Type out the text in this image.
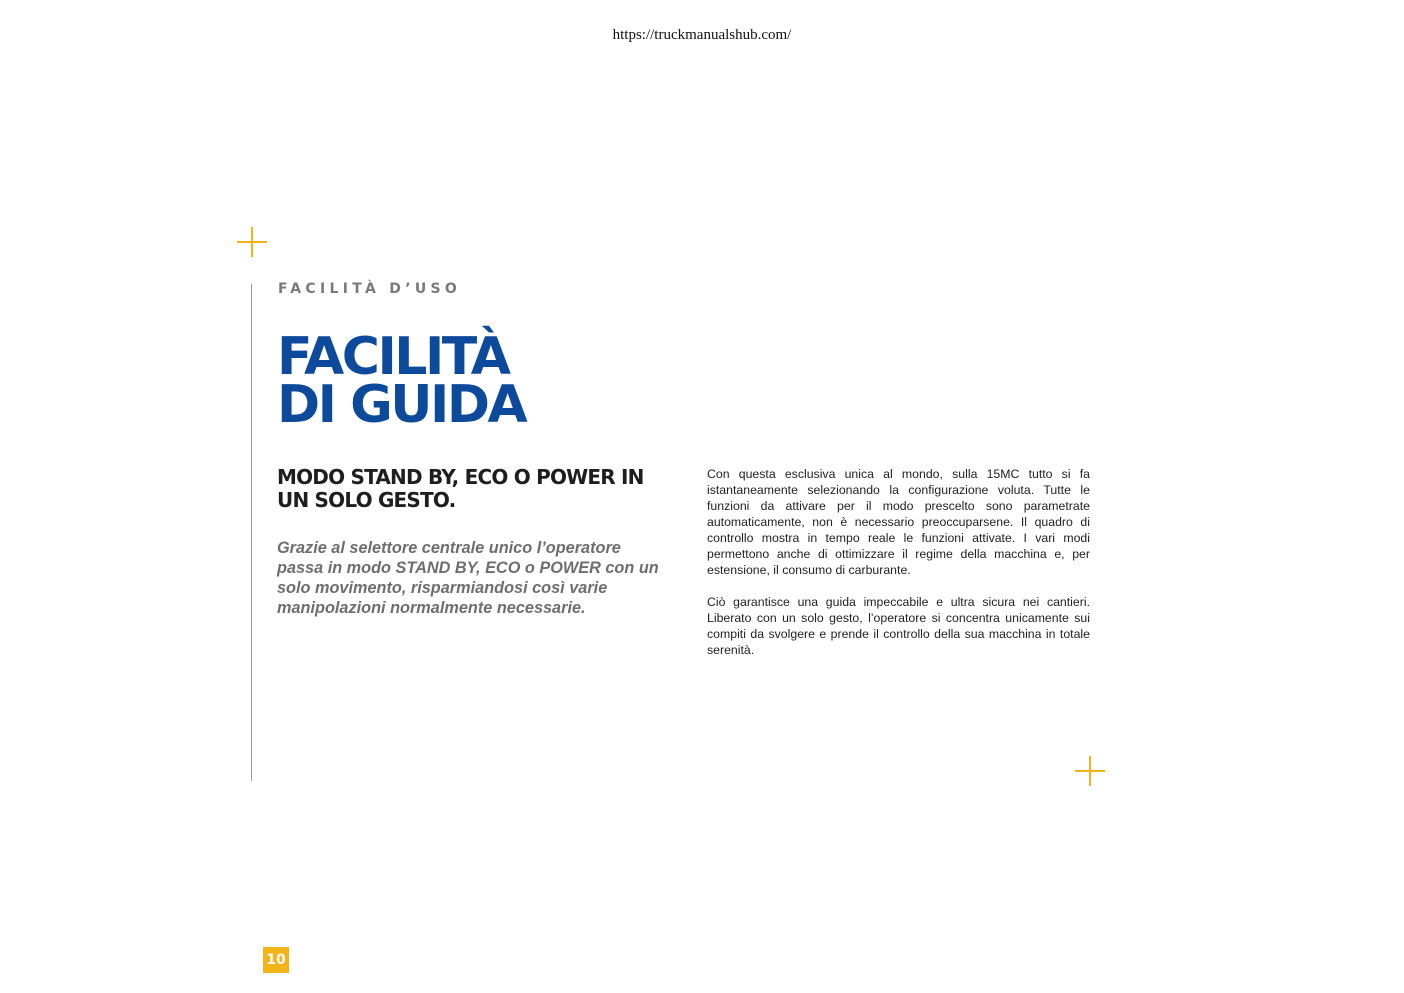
https://truckmanualshub.com/
FACILITÀ D’USO
FACILITÀ
DI GUIDA
MODO STAND BY, ECO O POWER IN UN SOLO GESTO.
Grazie al selettore centrale unico l’operatore passa in modo STAND BY, ECO o POWER con un solo movimento, risparmiandosi così varie manipolazioni normalmente necessarie.

Con questa esclusiva unica al mondo, sulla 15MC tutto si fa istantaneamente selezionando la configurazione voluta. Tutte le funzioni da attivare per il modo prescelto sono parametrate automaticamente, non è necessario preoccuparsene. Il quadro di controllo mostra in tempo reale le funzioni attivate. I vari modi permettono anche di ottimizzare il regime della macchina e, per estensione, il consumo di carburante.

Ciò garantisce una guida impeccabile e ultra sicura nei cantieri. Liberato con un solo gesto, l’operatore si concentra unicamente sui compiti da svolgere e prende il controllo della sua macchina in totale serenità.

10
